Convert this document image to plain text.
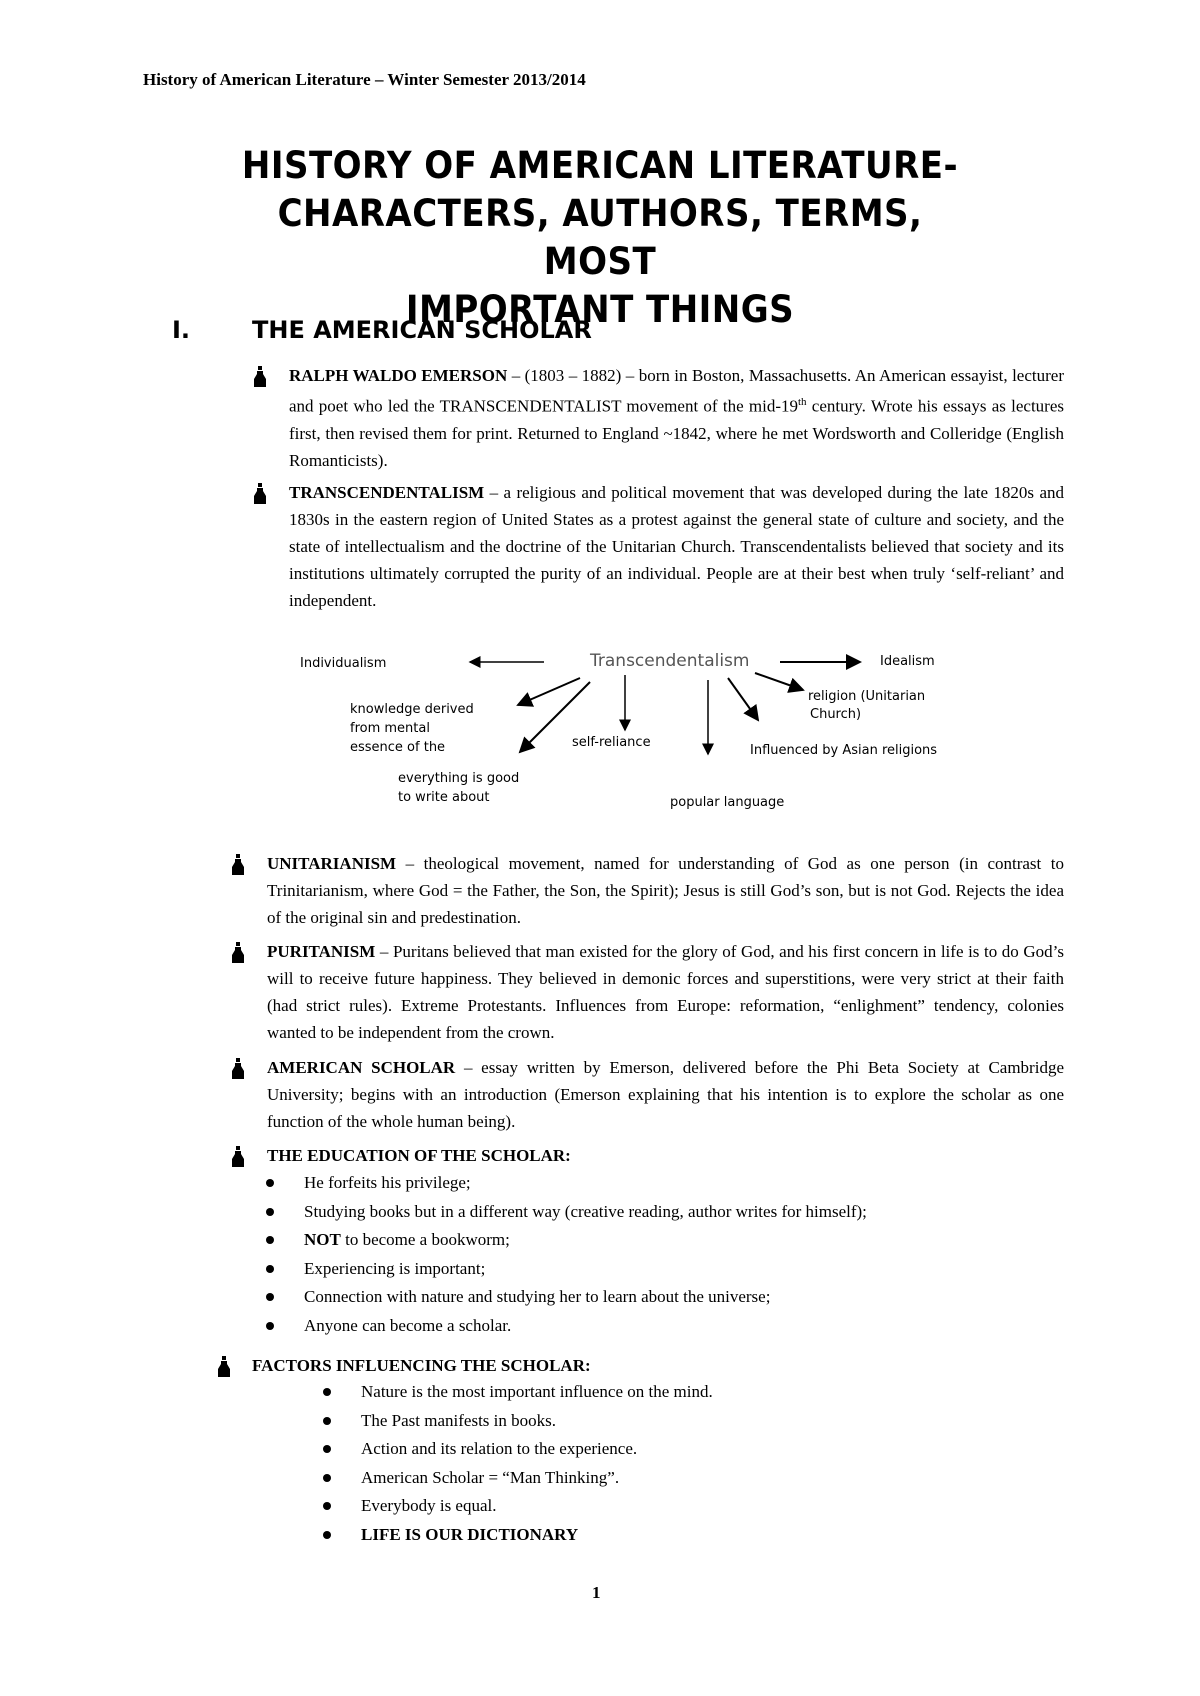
History of American Literature – Winter Semester 2013/2014
HISTORY OF AMERICAN LITERATURE-
CHARACTERS, AUTHORS, TERMS, MOST
IMPORTANT THINGS
I.	THE AMERICAN SCHOLAR
RALPH WALDO EMERSON – (1803 – 1882) – born in Boston, Massachusetts. An American essayist, lecturer and poet who led the TRANSCENDENTALIST movement of the mid-19th century. Wrote his essays as lectures first, then revised them for print. Returned to England ~1842, where he met Wordsworth and Colleridge (English Romanticists).
TRANSCENDENTALISM – a religious and political movement that was developed during the late 1820s and 1830s in the eastern region of United States as a protest against the general state of culture and society, and the state of intellectualism and the doctrine of the Unitarian Church. Transcendentalists believed that society and its institutions ultimately corrupted the purity of an individual. People are at their best when truly ‘self-reliant’ and independent.
Transcendentalism
Individualism	Idealism
religion (Unitarian
Church)
knowledge derived
from mental
essence of the	self-reliance
Influenced by Asian religions
everything is good
to write about	popular language
UNITARIANISM – theological movement, named for understanding of God as one person (in contrast to Trinitarianism, where God = the Father, the Son, the Spirit); Jesus is still God’s son, but is not God. Rejects the idea of the original sin and predestination.
PURITANISM – Puritans believed that man existed for the glory of God, and his first concern in life is to do God’s will to receive future happiness. They believed in demonic forces and superstitions, were very strict at their faith (had strict rules). Extreme Protestants. Influences from Europe: reformation, “enlighment” tendency, colonies wanted to be independent from the crown.
AMERICAN SCHOLAR – essay written by Emerson, delivered before the Phi Beta Society at Cambridge University; begins with an introduction (Emerson explaining that his intention is to explore the scholar as one function of the whole human being).
THE EDUCATION OF THE SCHOLAR:
He forfeits his privilege;
Studying books but in a different way (creative reading, author writes for himself);
NOT to become a bookworm;
Experiencing is important;
Connection with nature and studying her to learn about the universe;
Anyone can become a scholar.
FACTORS INFLUENCING THE SCHOLAR:
Nature is the most important influence on the mind.
The Past manifests in books.
Action and its relation to the experience.
American Scholar = “Man Thinking”.
Everybody is equal.
LIFE IS OUR DICTIONARY
1
